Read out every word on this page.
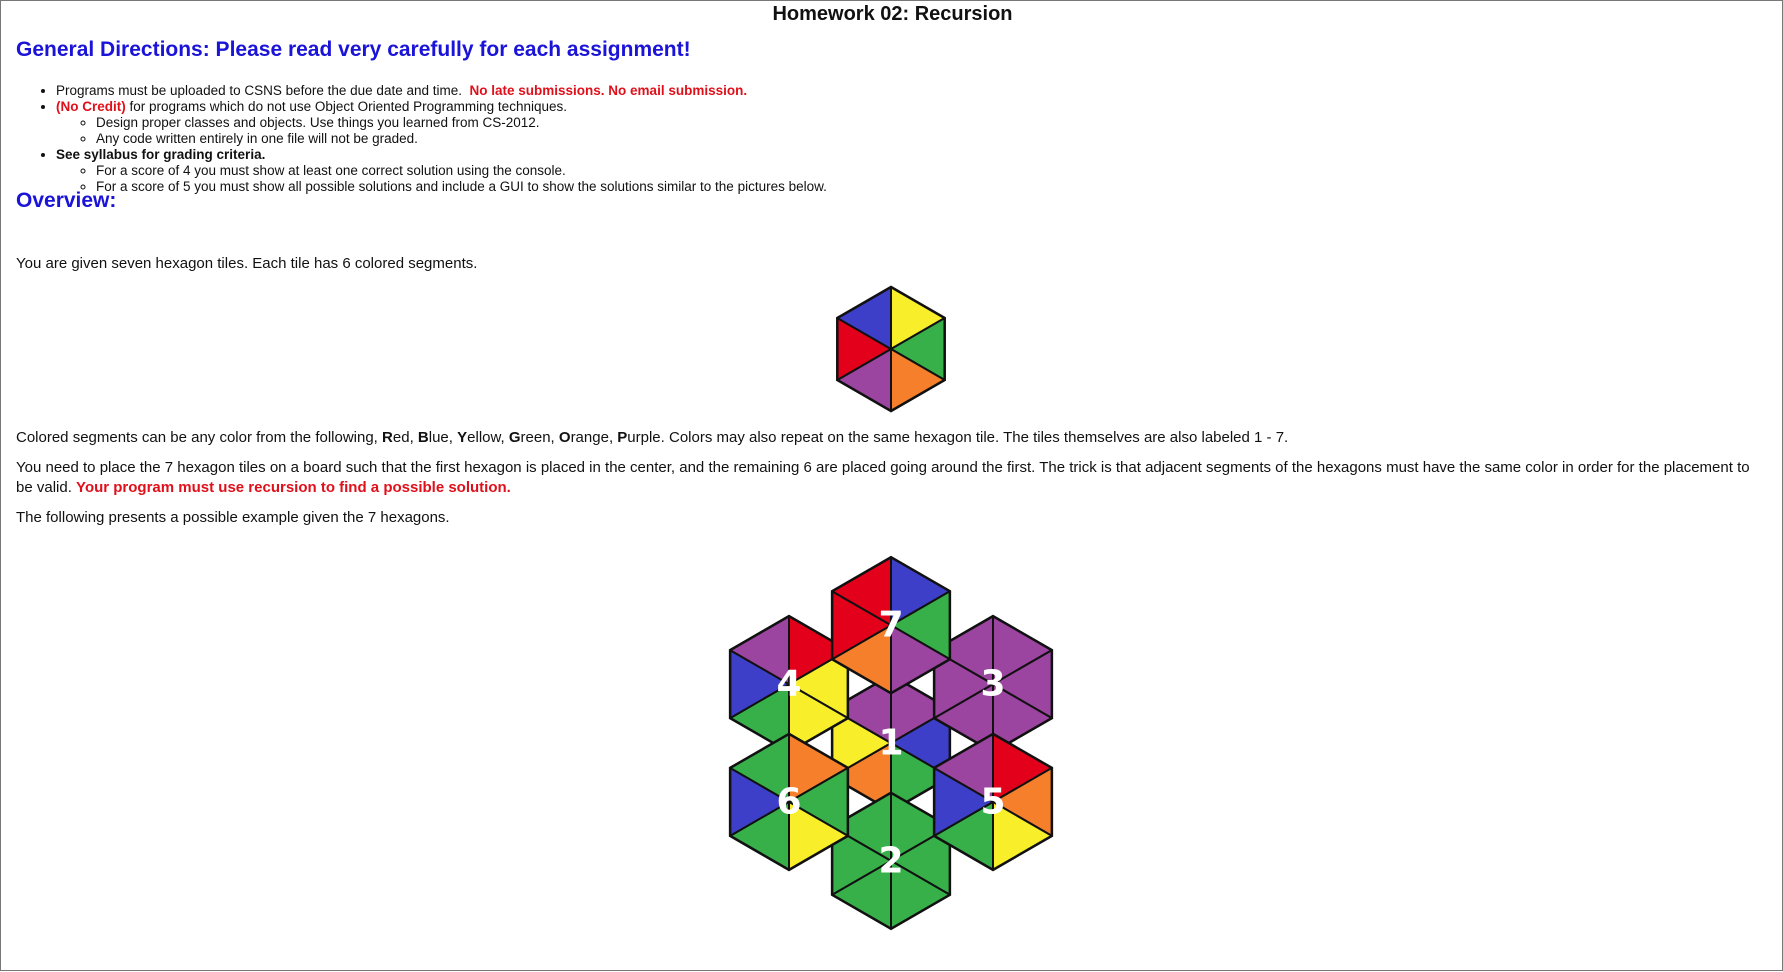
Homework 02: Recursion
General Directions: Please read very carefully for each assignment!
• Programs must be uploaded to CSNS before the due date and time. No late submissions. No email submission.
• (No Credit) for programs which do not use Object Oriented Programming techniques.
◦ Design proper classes and objects. Use things you learned from CS-2012.
◦ Any code written entirely in one file will not be graded.
• See syllabus for grading criteria.
◦ For a score of 4 you must show at least one correct solution using the console.
◦ For a score of 5 you must show all possible solutions and include a GUI to show the solutions similar to the pictures below.
Overview:

You are given seven hexagon tiles. Each tile has 6 colored segments.

Colored segments can be any color from the following, Red, Blue, Yellow, Green, Orange, Purple. Colors may also repeat on the same hexagon tile. The tiles themselves are also labeled 1 - 7.

You need to place the 7 hexagon tiles on a board such that the first hexagon is placed in the center, and the remaining 6 are placed going around the first. The trick is that adjacent segments of the hexagons must have the same color in order for the placement to be valid. Your program must use recursion to find a possible solution.

The following presents a possible example given the 7 hexagons.

1
2
3
4
5
6
7
